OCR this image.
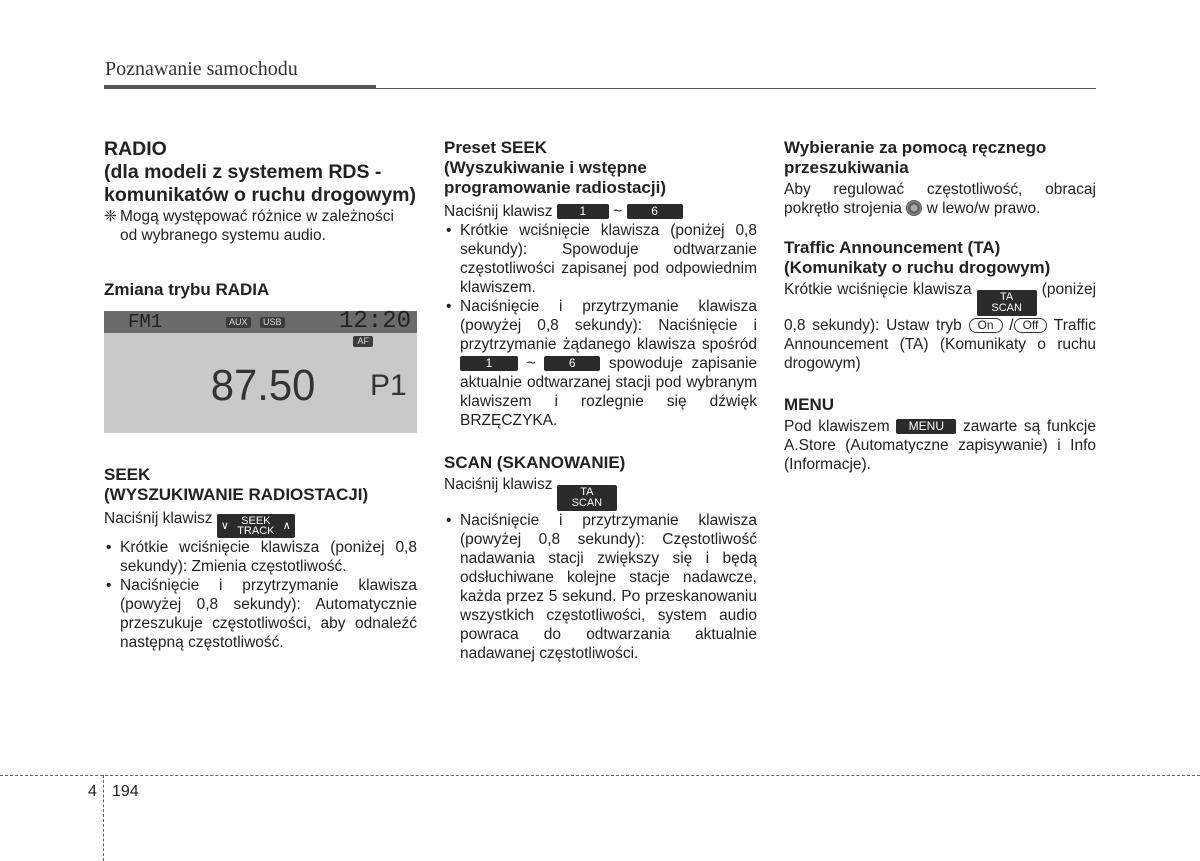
Poznawanie samochodu
RADIO
(dla modeli z systemem RDS -
komunikatów o ruchu drogowym)
❈ Mogą występować różnice w zależności
od wybranego systemu audio.
Zmiana trybu RADIA
FM1	AUX	USB 12:20
AF
87.50 P1
SEEK
(WYSZUKIWANIE RADIOSTACJI)

Naciśnij klawisz ∨ SEEK
TRACK ∧

• Krótkie wciśnięcie klawisza (poniżej 0,8 sekundy): Zmienia częstotliwość.
• Naciśnięcie i przytrzymanie klawisza (powyżej 0,8 sekundy): Automatycznie przeszukuje częstotliwości, aby odnaleźć następną częstotliwość.
Preset SEEK
(Wyszukiwanie i wstępne
programowanie radiostacji)

Naciśnij klawisz 1 ~ 6

• Krótkie wciśnięcie klawisza (poniżej 0,8 sekundy): Spowoduje odtwarzanie częstotliwości zapisanej pod odpowiednim klawiszem.
• Naciśnięcie i przytrzymanie klawisza (powyżej 0,8 sekundy): Naciśnięcie i przytrzymanie żądanego klawisza spośród 1 ~	6 spowoduje zapisanie aktualnie odtwarzanej stacji pod wybranym klawiszem i rozlegnie się dźwięk BRZĘCZYKA.
SCAN (SKANOWANIE)

Naciśnij klawisz	TA
SCAN

• Naciśnięcie i przytrzymanie klawisza (powyżej 0,8 sekundy): Częstotliwość nadawania stacji zwiększy się i będą odsłuchiwane kolejne stacje nadawcze, każda przez 5 sekund. Po przeskanowaniu wszystkich częstotliwości, system audio powraca do odtwarzania aktualnie nadawanej częstotliwości.
Wybieranie za pomocą ręcznego
przeszukiwania

Aby regulować częstotliwość, obracaj pokrętło strojenia w lewo/w prawo.

Traffic Announcement (TA)
(Komunikaty o ruchu drogowym)

Krótkie wciśnięcie klawisza	TA
SCAN
(poniżej 0,8 sekundy): Ustaw tryb On / Off Traffic Announcement (TA) (Komunikaty o ruchu drogowym)

MENU

Pod klawiszem MENU zawarte są funkcje A.Store (Automatyczne zapisywanie) i Info (Informacje).

4 194
